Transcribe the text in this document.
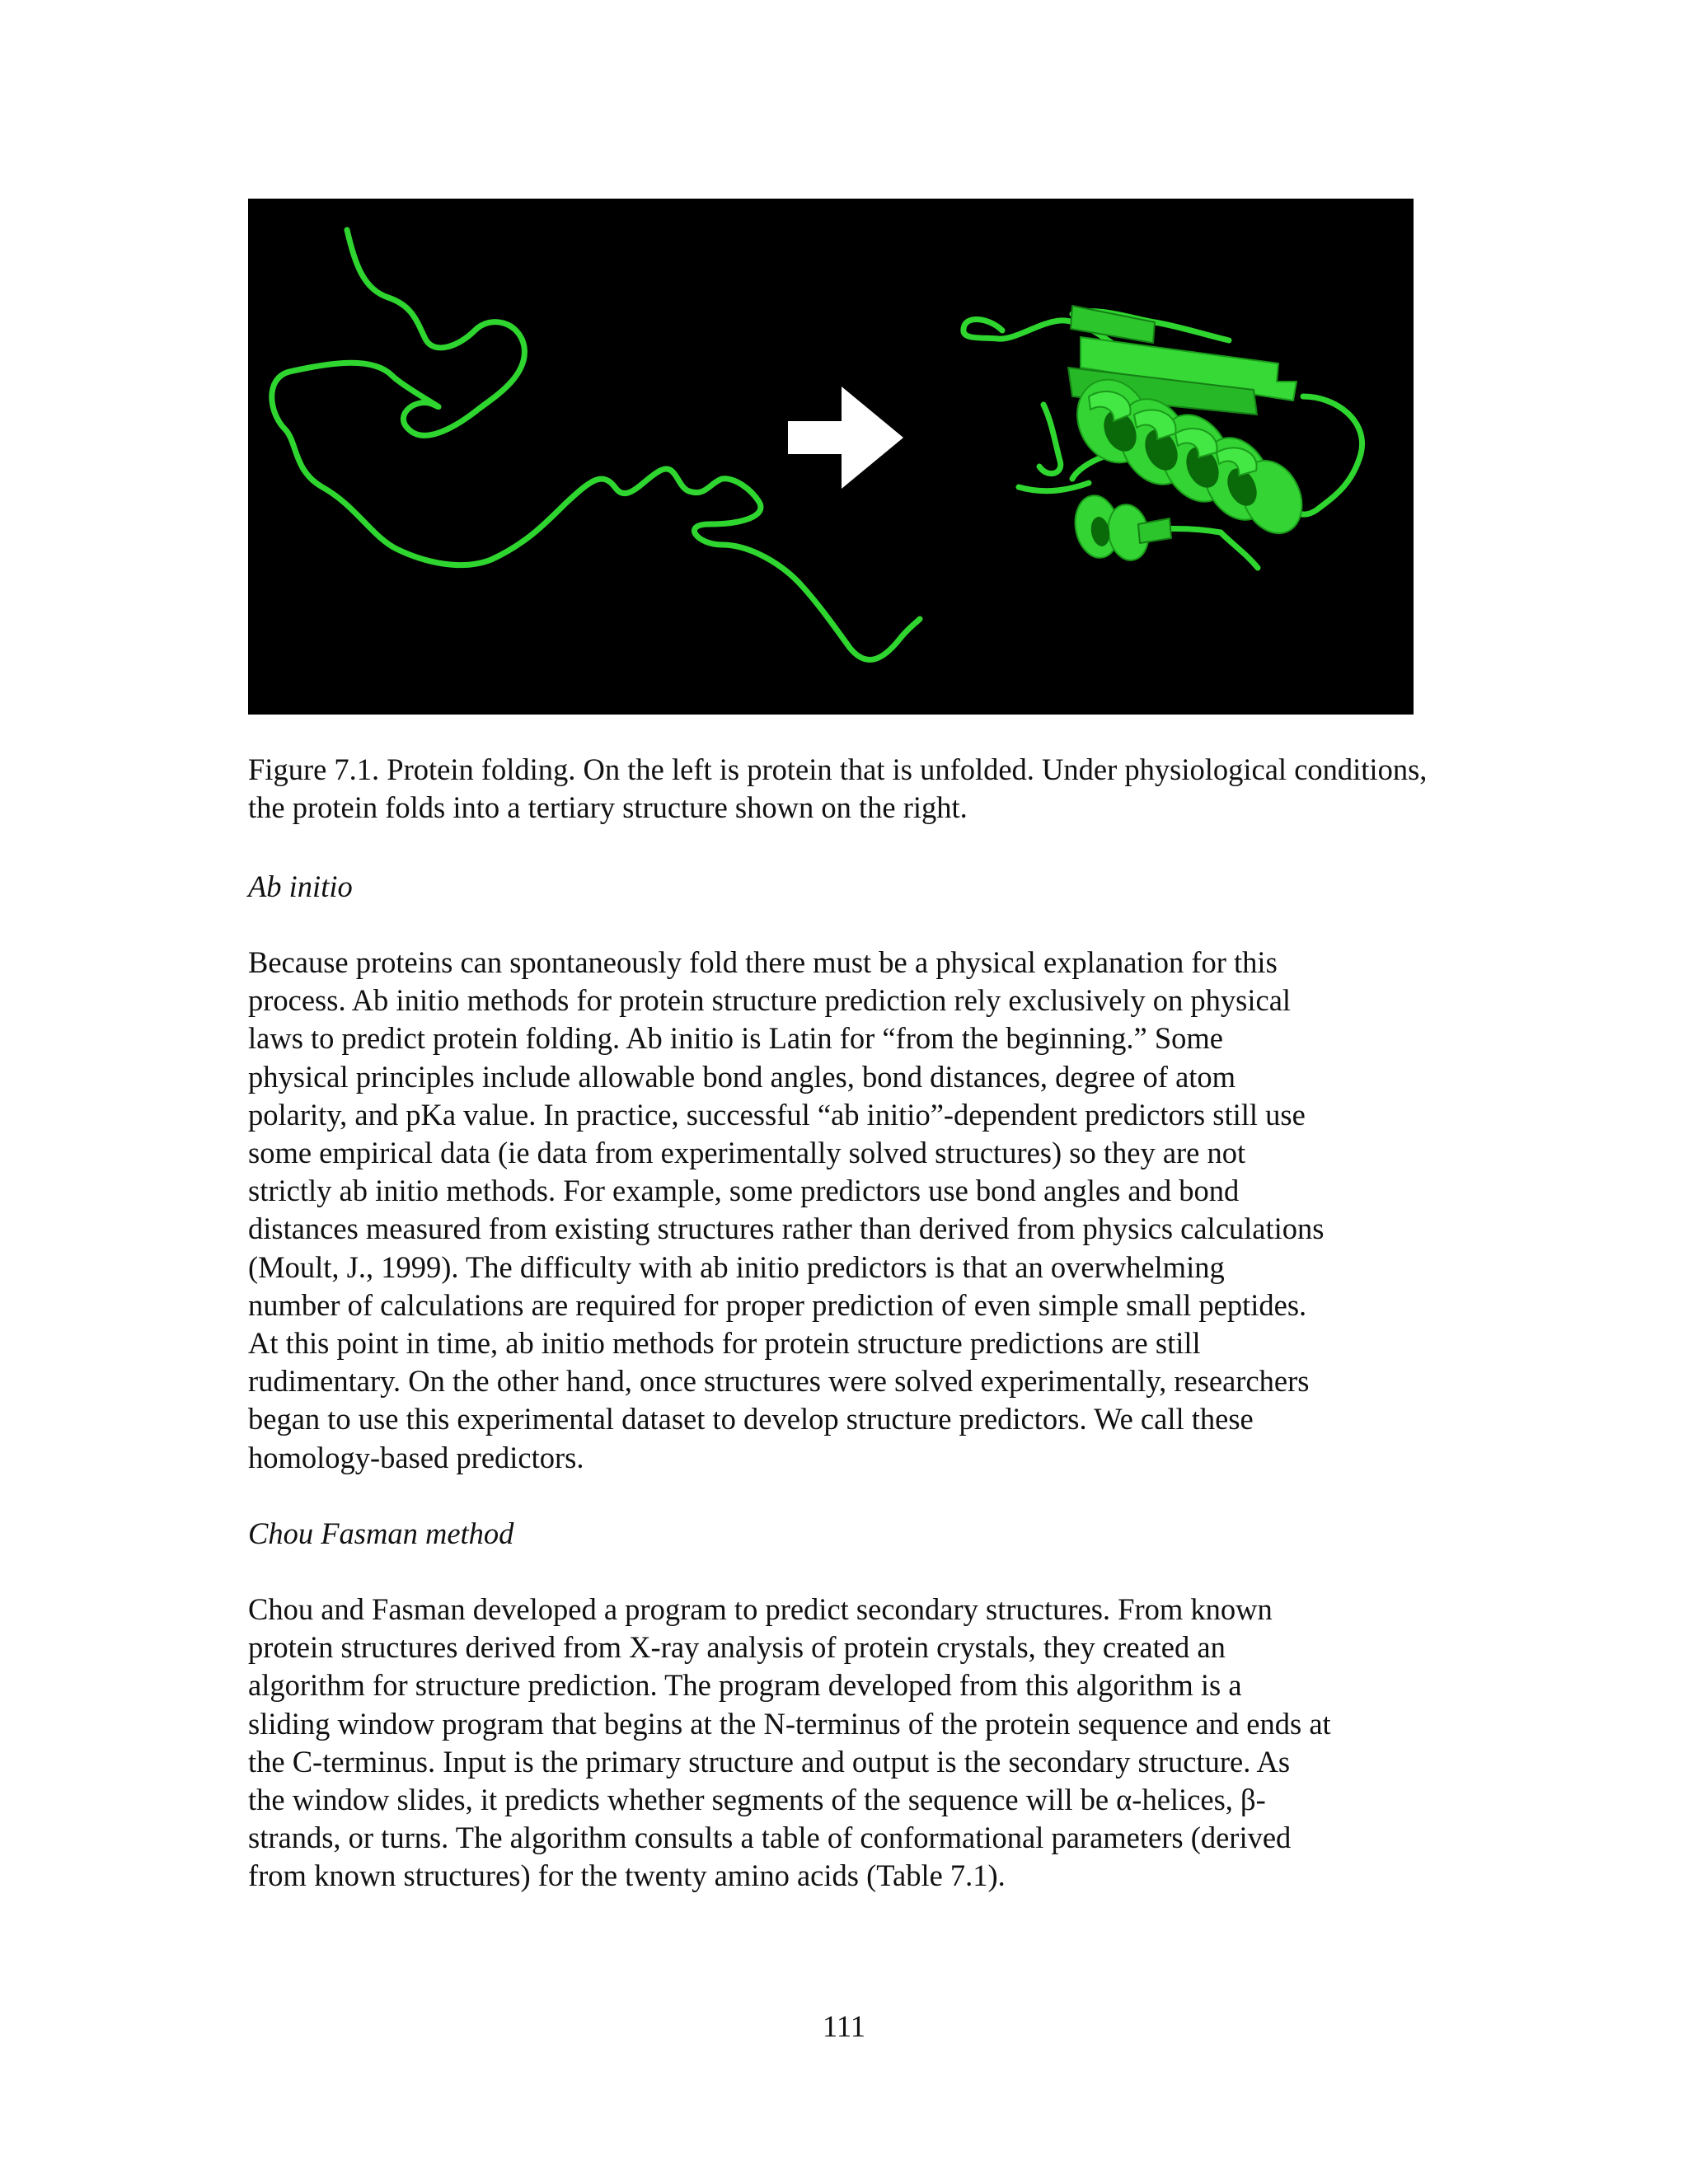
Figure 7.1. Protein folding. On the left is protein that is unfolded. Under physiological conditions, the protein folds into a tertiary structure shown on the right.

Ab initio

Because proteins can spontaneously fold there must be a physical explanation for this
process. Ab initio methods for protein structure prediction rely exclusively on physical
laws to predict protein folding. Ab initio is Latin for “from the beginning.” Some
physical principles include allowable bond angles, bond distances, degree of atom
polarity, and pKa value. In practice, successful “ab initio”-dependent predictors still use
some empirical data (ie data from experimentally solved structures) so they are not
strictly ab initio methods. For example, some predictors use bond angles and bond
distances measured from existing structures rather than derived from physics calculations
(Moult, J., 1999). The difficulty with ab initio predictors is that an overwhelming
number of calculations are required for proper prediction of even simple small peptides.
At this point in time, ab initio methods for protein structure predictions are still
rudimentary. On the other hand, once structures were solved experimentally, researchers
began to use this experimental dataset to develop structure predictors. We call these
homology-based predictors.

Chou Fasman method

Chou and Fasman developed a program to predict secondary structures. From known
protein structures derived from X-ray analysis of protein crystals, they created an
algorithm for structure prediction. The program developed from this algorithm is a
sliding window program that begins at the N-terminus of the protein sequence and ends at
the C-terminus. Input is the primary structure and output is the secondary structure. As
the window slides, it predicts whether segments of the sequence will be α-helices, β-
strands, or turns. The algorithm consults a table of conformational parameters (derived
from known structures) for the twenty amino acids (Table 7.1).

111
